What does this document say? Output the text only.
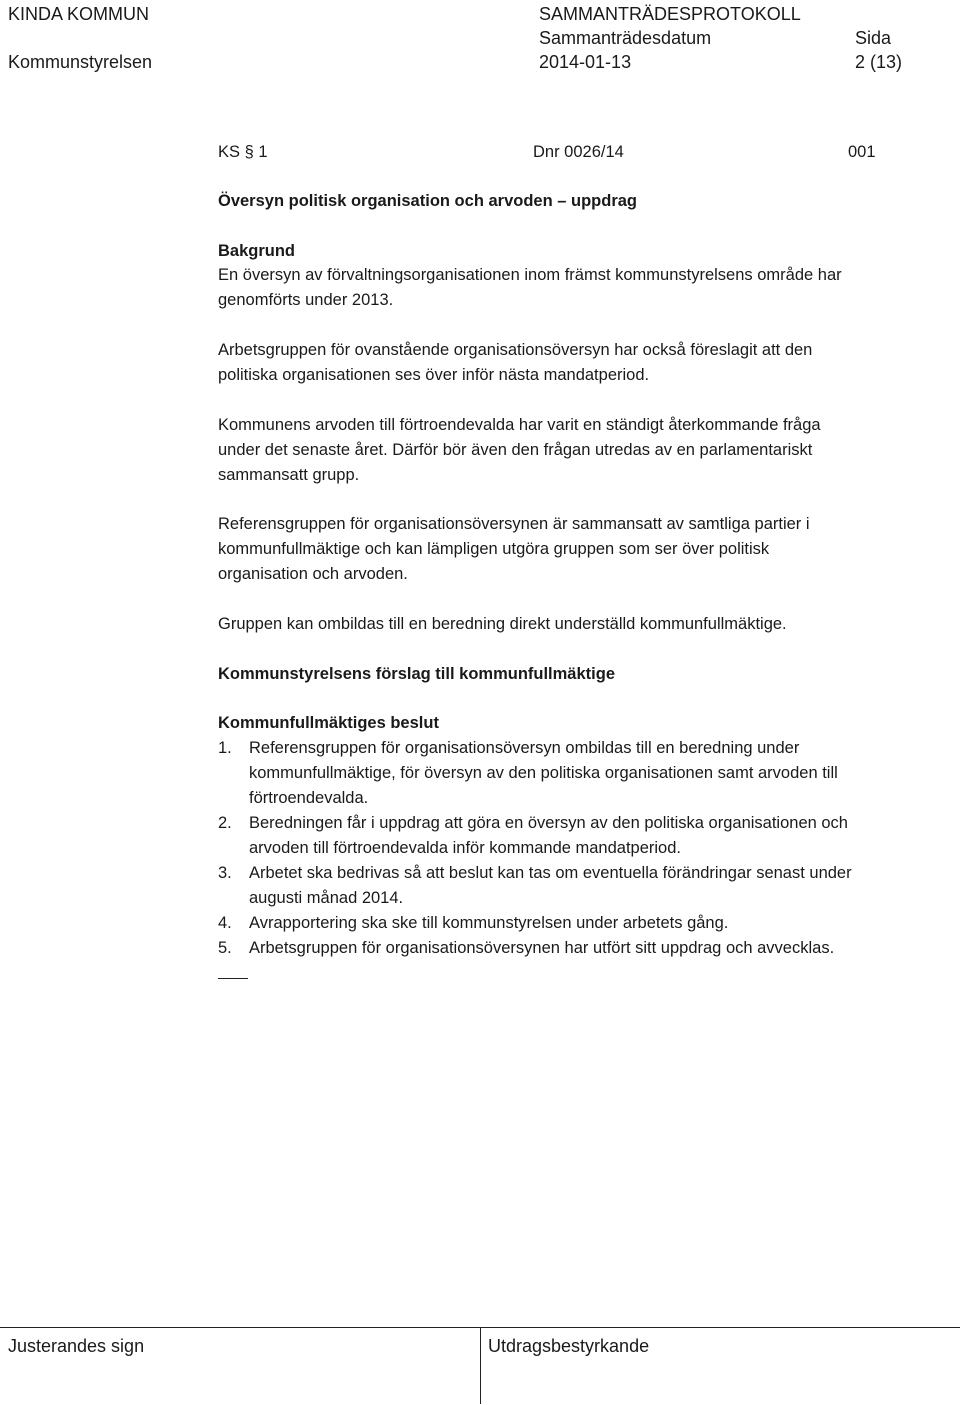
KINDA KOMMUN	SAMMANTRÄDESPROTOKOLL
Sammanträdesdatum	Sida
Kommunstyrelsen	2014-01-13	2 (13)
KS § 1	Dnr 0026/14	001
Översyn politisk organisation och arvoden – uppdrag
Bakgrund
En översyn av förvaltningsorganisationen inom främst kommunstyrelsens område har
genomförts under 2013.
Arbetsgruppen för ovanstående organisationsöversyn har också föreslagit att den
politiska organisationen ses över inför nästa mandatperiod.
Kommunens arvoden till förtroendevalda har varit en ständigt återkommande fråga
under det senaste året. Därför bör även den frågan utredas av en parlamentariskt
sammansatt grupp.
Referensgruppen för organisationsöversynen är sammansatt av samtliga partier i
kommunfullmäktige och kan lämpligen utgöra gruppen som ser över politisk
organisation och arvoden.
Gruppen kan ombildas till en beredning direkt underställd kommunfullmäktige.
Kommunstyrelsens förslag till kommunfullmäktige
Kommunfullmäktiges beslut
1. Referensgruppen för organisationsöversyn ombildas till en beredning under
kommunfullmäktige, för översyn av den politiska organisationen samt arvoden till
förtroendevalda.
2. Beredningen får i uppdrag att göra en översyn av den politiska organisationen och
arvoden till förtroendevalda inför kommande mandatperiod.
3. Arbetet ska bedrivas så att beslut kan tas om eventuella förändringar senast under
augusti månad 2014.
4. Avrapportering ska ske till kommunstyrelsen under arbetets gång.
5. Arbetsgruppen för organisationsöversynen har utfört sitt uppdrag och avvecklas.
Justerandes sign	Utdragsbestyrkande
